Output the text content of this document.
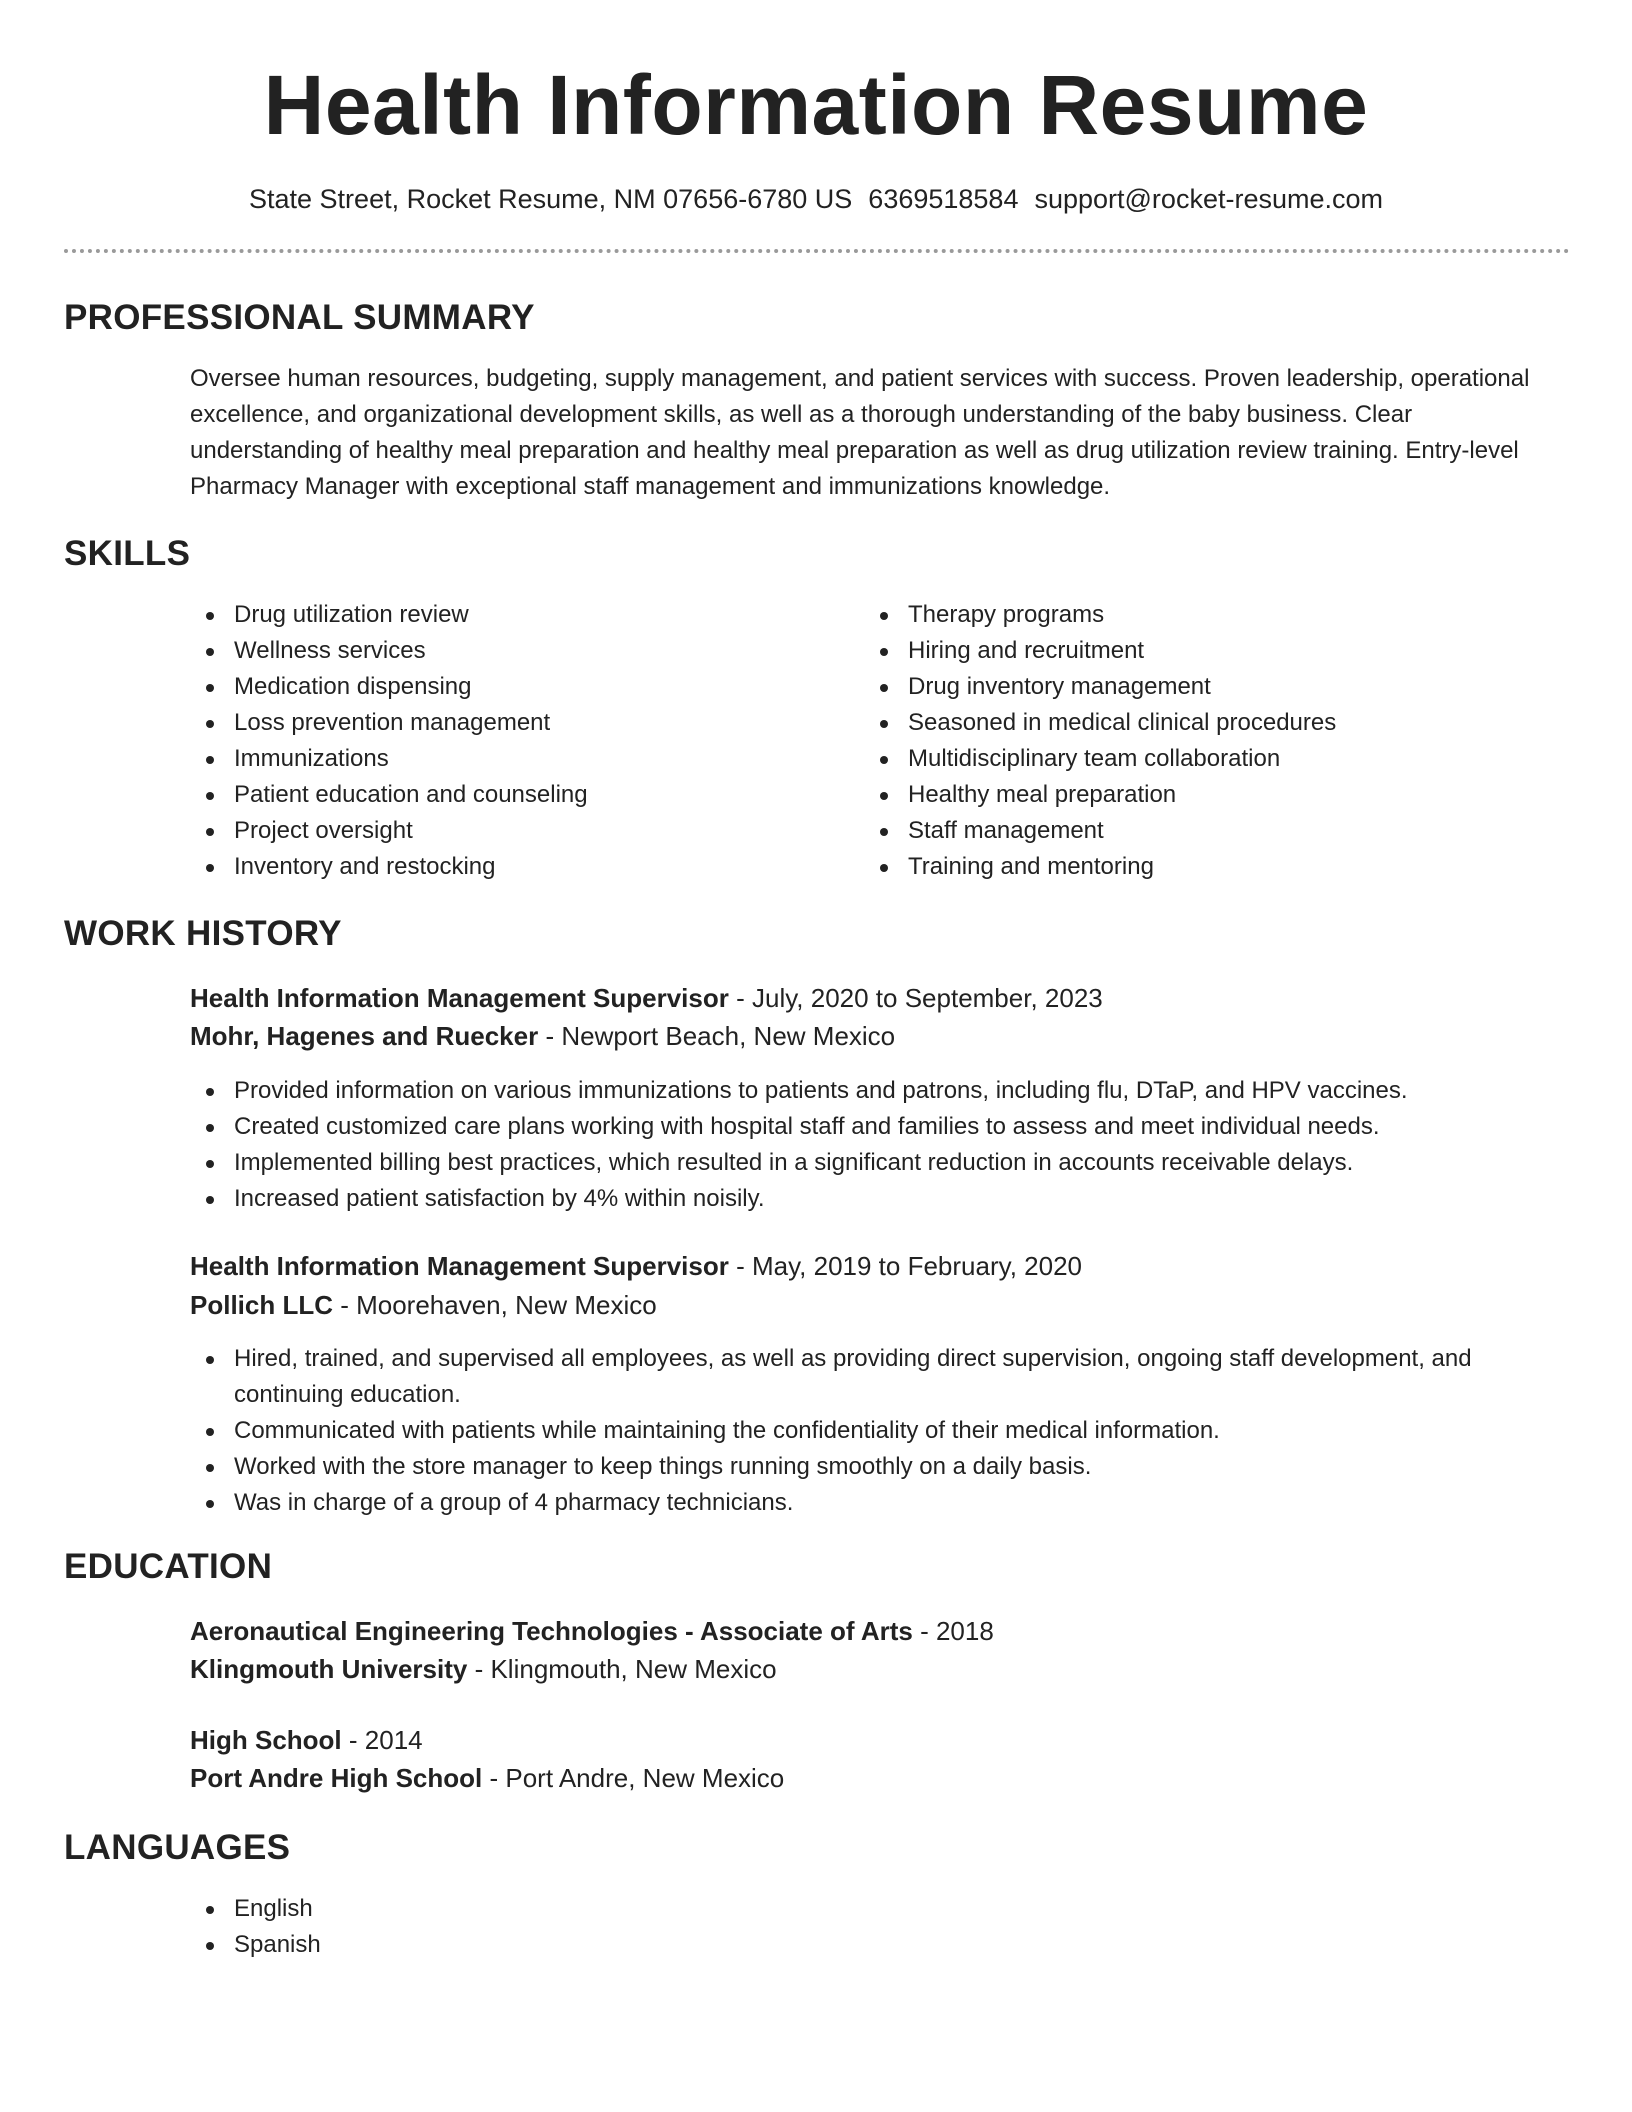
Health Information Resume
State Street, Rocket Resume, NM 07656-6780 US 6369518584 support@rocket-resume.com
PROFESSIONAL SUMMARY
Oversee human resources, budgeting, supply management, and patient services with success. Proven leadership, operational excellence, and organizational development skills, as well as a thorough understanding of the baby business. Clear understanding of healthy meal preparation and healthy meal preparation as well as drug utilization review training. Entry-level Pharmacy Manager with exceptional staff management and immunizations knowledge.
SKILLS
Drug utilization review
Wellness services
Medication dispensing
Loss prevention management
Immunizations
Patient education and counseling
Project oversight
Inventory and restocking
Therapy programs
Hiring and recruitment
Drug inventory management
Seasoned in medical clinical procedures
Multidisciplinary team collaboration
Healthy meal preparation
Staff management
Training and mentoring
WORK HISTORY
Health Information Management Supervisor - July, 2020 to September, 2023
Mohr, Hagenes and Ruecker - Newport Beach, New Mexico
Provided information on various immunizations to patients and patrons, including flu, DTaP, and HPV vaccines.
Created customized care plans working with hospital staff and families to assess and meet individual needs.
Implemented billing best practices, which resulted in a significant reduction in accounts receivable delays.
Increased patient satisfaction by 4% within noisily.
Health Information Management Supervisor - May, 2019 to February, 2020
Pollich LLC - Moorehaven, New Mexico
Hired, trained, and supervised all employees, as well as providing direct supervision, ongoing staff development, and continuing education.
Communicated with patients while maintaining the confidentiality of their medical information.
Worked with the store manager to keep things running smoothly on a daily basis.
Was in charge of a group of 4 pharmacy technicians.
EDUCATION
Aeronautical Engineering Technologies - Associate of Arts - 2018
Klingmouth University - Klingmouth, New Mexico
High School - 2014
Port Andre High School - Port Andre, New Mexico
LANGUAGES
English
Spanish
